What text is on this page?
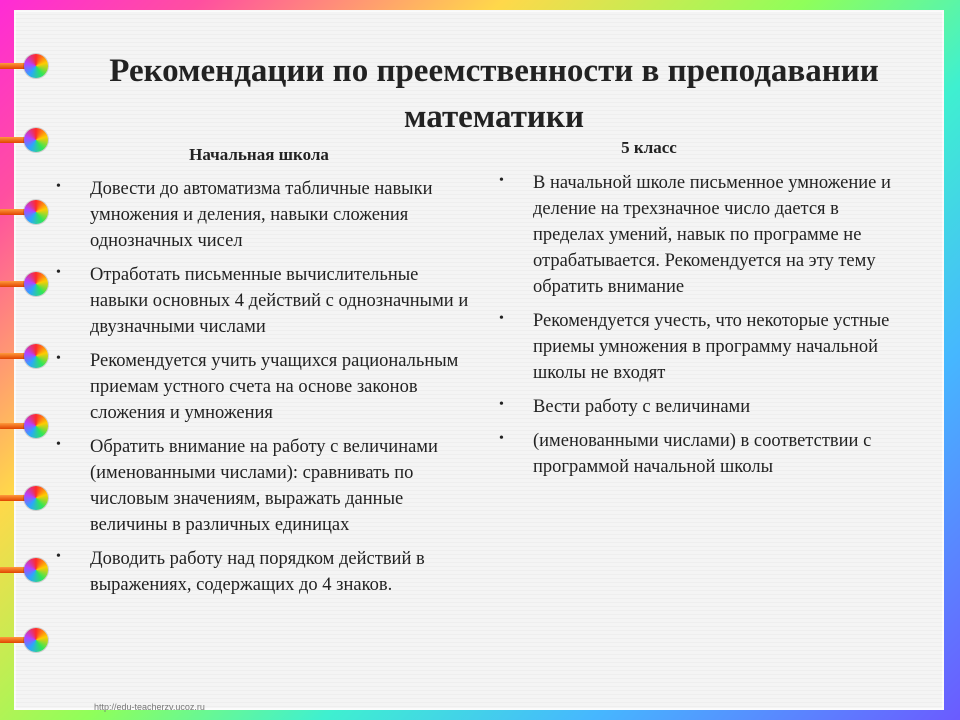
Рекомендации по преемственности в преподавании математики
Начальная школа	5 класс
• Довести до автоматизма табличные навыки умножения и деления, навыки сложения однозначных чисел
• Отработать письменные вычислительные навыки основных 4 действий с однозначными и двузначными числами
• Рекомендуется учить учащихся рациональным приемам устного счета на основе законов сложения и умножения
• Обратить внимание на работу с величинами (именованными числами): сравнивать по числовым значениям, выражать данные величины в различных единицах
• Доводить работу над порядком действий в выражениях, содержащих до 4 знаков.
• В начальной школе письменное умножение и деление на трехзначное число дается в пределах умений, навык по программе не отрабатывается. Рекомендуется на эту тему обратить внимание
• Рекомендуется учесть, что некоторые устные приемы умножения в программу начальной школы не входят
• Вести работу с величинами
• (именованными числами) в соответствии с программой начальной школы
http://edu-teacherzv.ucoz.ru
